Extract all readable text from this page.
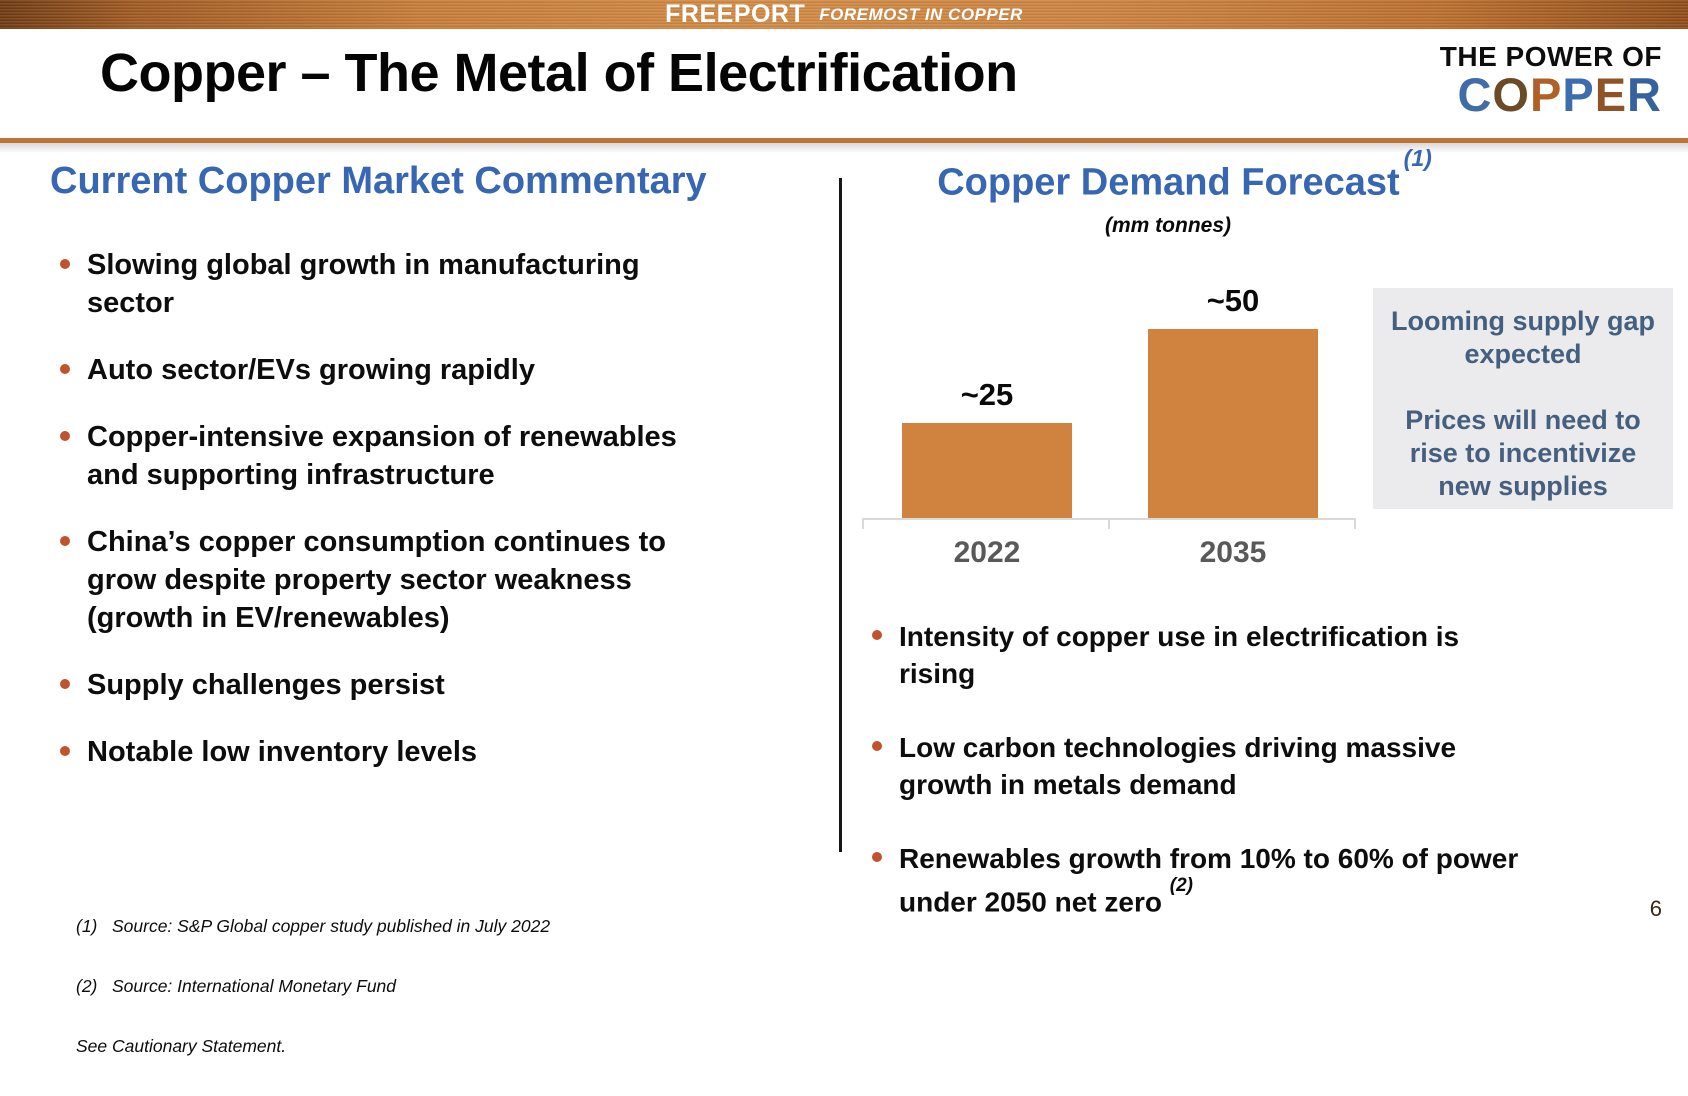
FREEPORT FOREMOST IN COPPER
Copper – The Metal of Electrification	THE POWER OF
COPPER
Current Copper Market Commentary
Slowing global growth in manufacturing sector
Auto sector/EVs growing rapidly
Copper-intensive expansion of renewables and supporting infrastructure
China’s copper consumption continues to grow despite property sector weakness (growth in EV/renewables)
Supply challenges persist
Notable low inventory levels

(1)   Source: S&P Global copper study published in July 2022

(2)   Source: International Monetary Fund

See Cautionary Statement.

Copper Demand Forecast$^{(1)}$
(mm tonnes)
~25
~50
2022	2035

Looming supply gap expected

Prices will need to rise to incentivize new supplies

Intensity of copper use in electrification is rising
Low carbon technologies driving massive growth in metals demand
Renewables growth from 10% to 60% of power under 2050 net zero $^{(2)}$
6
